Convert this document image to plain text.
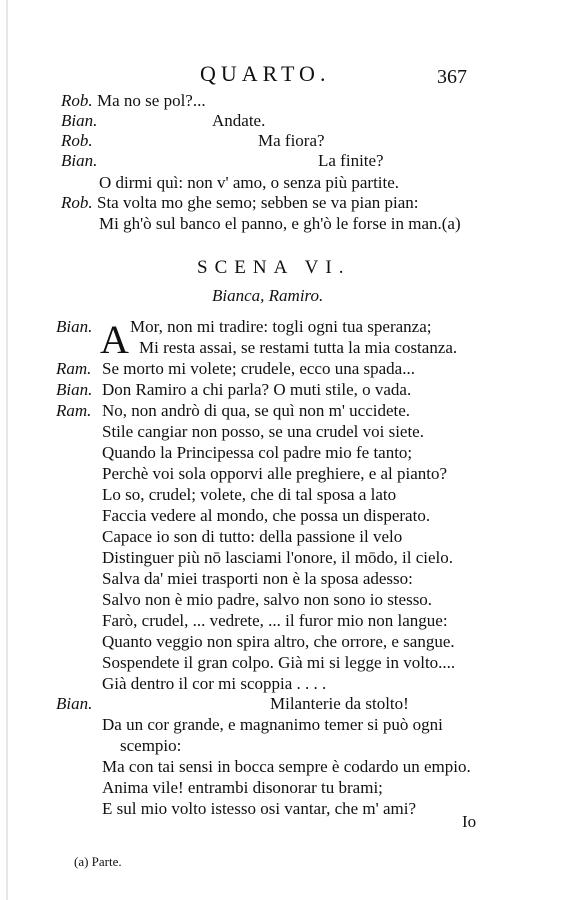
QUARTO.	367
Rob. Ma no se pol?...
Bian.	Andate.
Rob.	Ma fiora?
Bian.	La finite?
O dirmi quì: non v' amo, o senza più partite.
Rob. Sta volta mo ghe semo; sebben se va pian pian:
Mi gh'ò sul banco el panno, e gh'ò le forse in man.(a)
SCENA VI.
Bianca, Ramiro.
Bian. A Mor, non mi tradire: togli ogni tua speranza;
Mi resta assai, se restami tutta la mia costanza.
Ram. Se morto mi volete; crudele, ecco una spada...
Bian. Don Ramiro a chi parla? O muti stile, o vada.
Ram. No, non andrò di qua, se quì non m' uccidete.
Stile cangiar non posso, se una crudel voi siete.
Quando la Principessa col padre mio fe tanto;
Perchè voi sola opporvi alle preghiere, e al pianto?
Lo so, crudel; volete, che di tal sposa a lato
Faccia vedere al mondo, che possa un disperato.
Capace io son di tutto: della passione il velo
Distinguer più nō lasciami l'onore, il mōdo, il cielo.
Salva da' miei trasporti non è la sposa adesso:
Salvo non è mio padre, salvo non sono io stesso.
Farò, crudel, ... vedrete, ... il furor mio non langue:
Quanto veggio non spira altro, che orrore, e sangue.
Sospendete il gran colpo. Già mi si legge in volto....
Già dentro il cor mi scoppia . . . .
Bian.	Milanterie da stolto!
Da un cor grande, e magnanimo temer si può ogni
scempio:
Ma con tai sensi in bocca sempre è codardo un empio.
Anima vile! entrambi disonorar tu brami;
E sul mio volto istesso osi vantar, che m' ami?
Io
(a) Parte.
